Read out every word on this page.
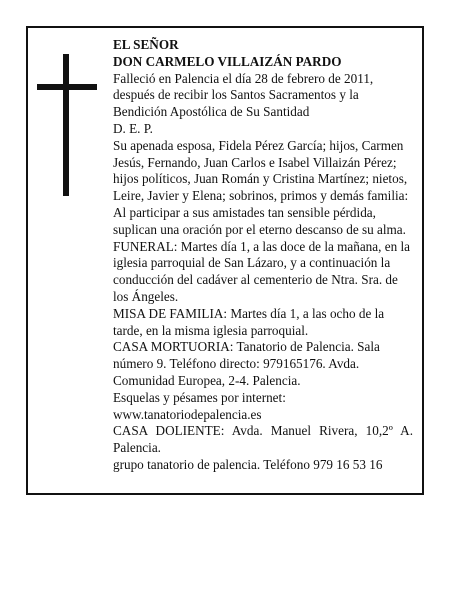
EL SEÑOR

DON CARMELO VILLAIZÁN PARDO

Falleció en Palencia el día 28 de febrero de 2011, después de recibir los Santos Sacramentos y la Bendición Apostólica de Su Santidad

D. E. P.

Su apenada esposa, Fidela Pérez García; hijos, Carmen Jesús, Fernando, Juan Carlos e Isabel Villaizán Pérez; hijos políticos, Juan Román y Cristina Martínez; nietos, Leire, Javier y Elena; sobrinos, primos y demás familia:

Al participar a sus amistades tan sensible pérdida, suplican una oración por el eterno descanso de su alma.

FUNERAL: Martes día 1, a las doce de la mañana, en la iglesia parroquial de San Lázaro, y a continuación la conducción del cadáver al cementerio de Ntra. Sra. de los Ángeles.

MISA DE FAMILIA: Martes día 1, a las ocho de la tarde, en la misma iglesia parroquial.

CASA MORTUORIA: Tanatorio de Palencia. Sala número 9. Teléfono directo: 979165176. Avda. Comunidad Europea, 2-4. Palencia.

Esquelas y pésames por internet:

www.tanatoriodepalencia.es

CASA DOLIENTE: Avda. Manuel Rivera, 10,2º A. Palencia.

grupo tanatorio de palencia. Teléfono 979 16 53 16
